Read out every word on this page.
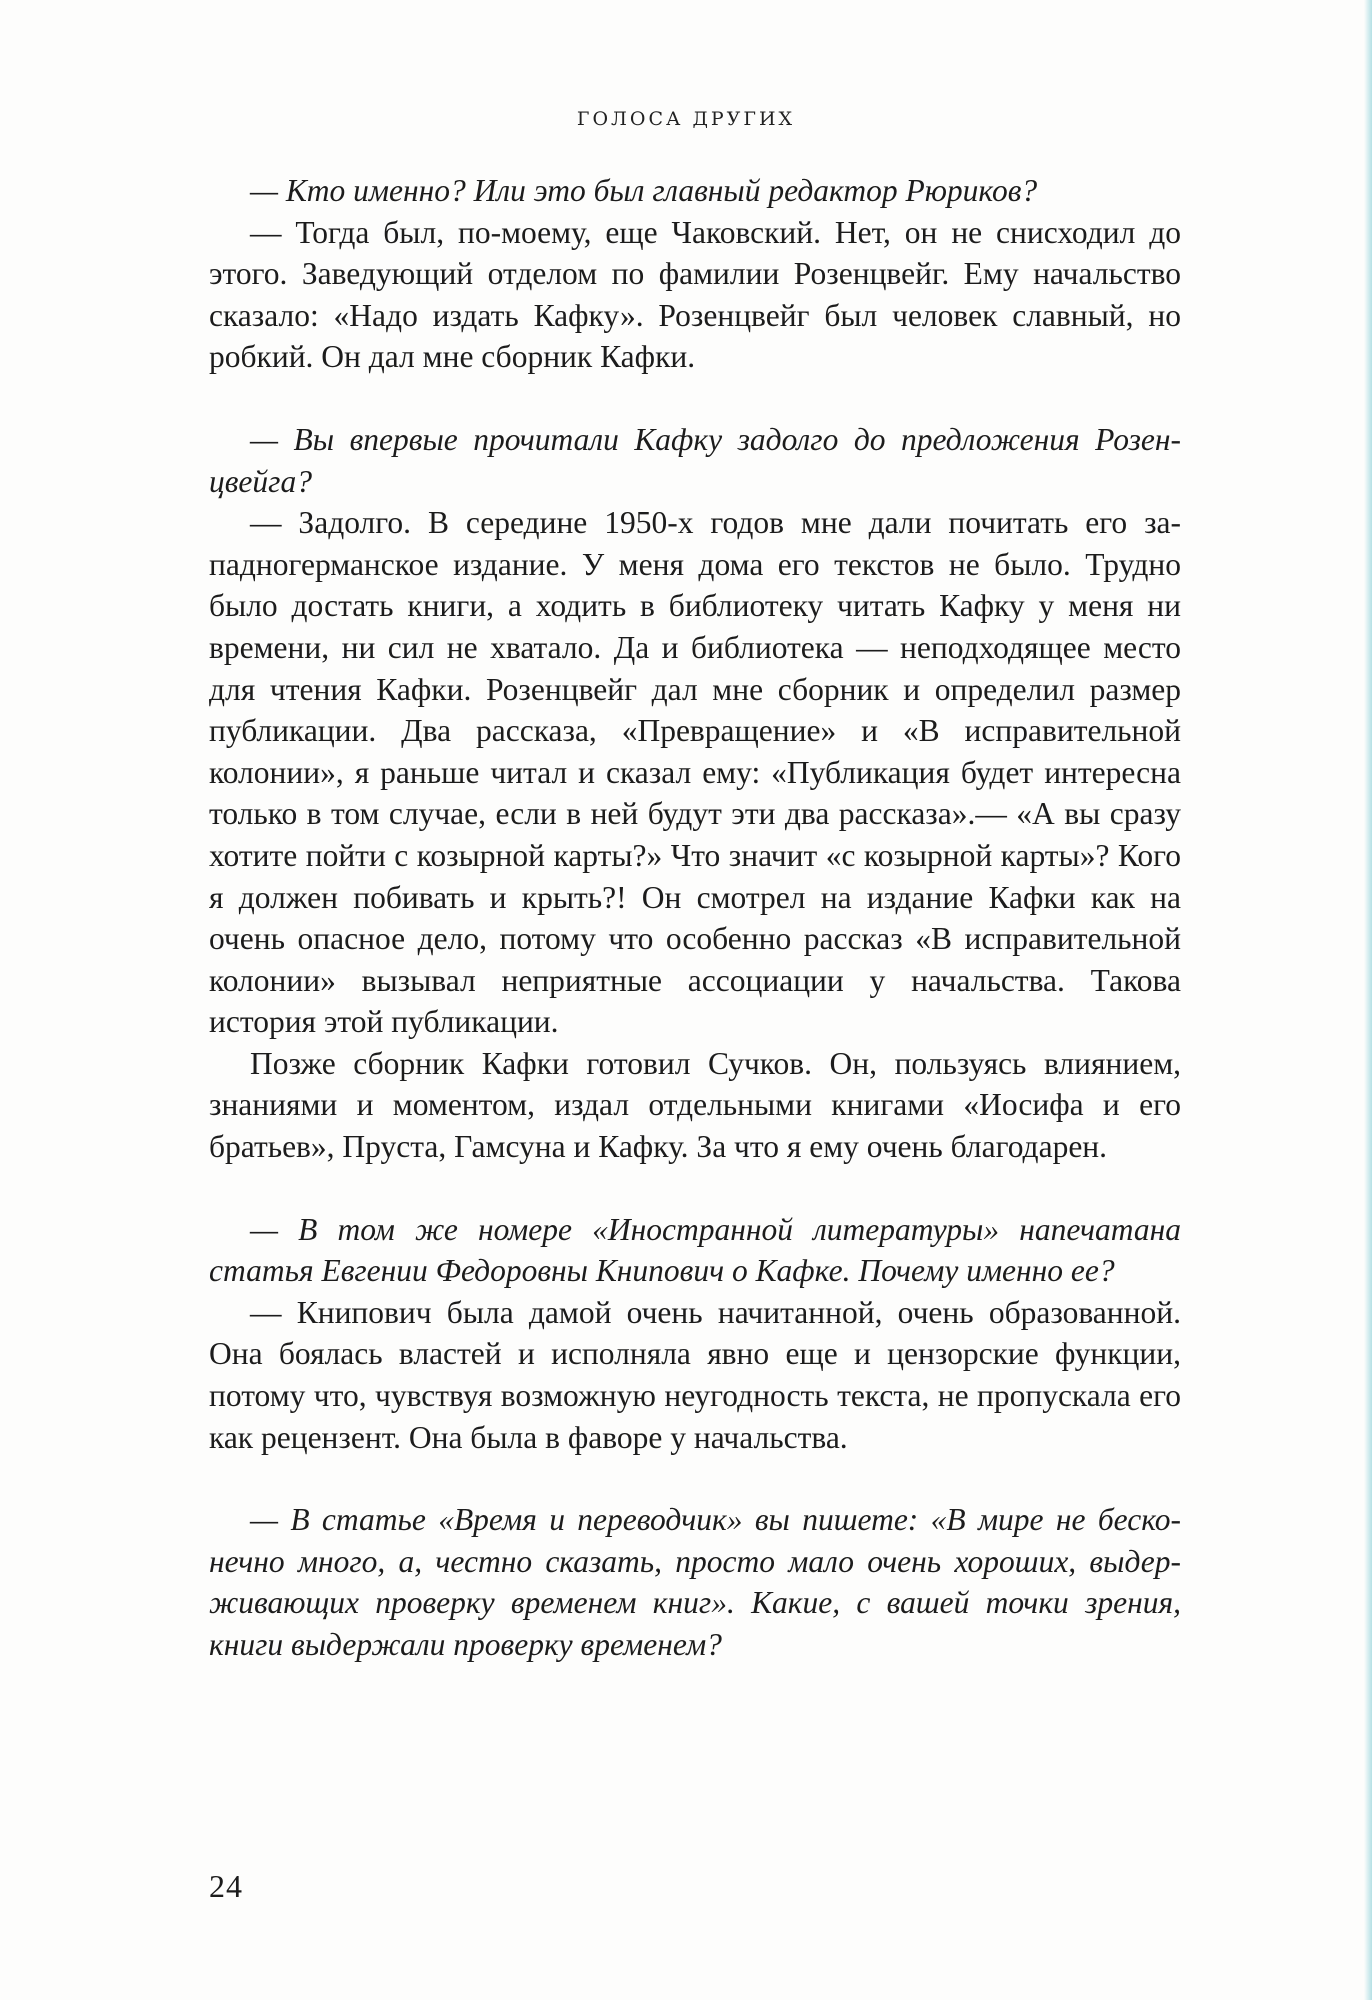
ГОЛОСА ДРУГИХ

— Кто именно? Или это был главный редактор Рюриков?

— Тогда был, по-моему, еще Чаковский. Нет, он не снисходил до этого. Заведующий отделом по фамилии Розенцвейг. Ему начальство сказало: «Надо издать Кафку». Розенцвейг был человек славный, но робкий. Он дал мне сборник Кафки.

— Вы впервые прочитали Кафку задолго до предложения Розенцвейга?

— Задолго. В середине 1950-х годов мне дали почитать его западногерманское издание. У меня дома его текстов не было. Трудно было достать книги, а ходить в библиотеку читать Кафку у меня ни времени, ни сил не хватало. Да и библиотека — неподходящее место для чтения Кафки. Розенцвейг дал мне сборник и определил размер публикации. Два рассказа, «Превращение» и «В исправительной колонии», я раньше читал и сказал ему: «Публикация будет интересна только в том случае, если в ней будут эти два рассказа».— «А вы сразу хотите пойти с козырной карты?» Что значит «с козырной карты»? Кого я должен побивать и крыть?! Он смотрел на издание Кафки как на очень опасное дело, потому что особенно рассказ «В исправительной колонии» вызывал неприятные ассоциации у начальства. Такова история этой публикации.

Позже сборник Кафки готовил Сучков. Он, пользуясь влиянием, знаниями и моментом, издал отдельными книгами «Иосифа и его братьев», Пруста, Гамсуна и Кафку. За что я ему очень благодарен.

— В том же номере «Иностранной литературы» напечатана статья Евгении Федоровны Книпович о Кафке. Почему именно ее?

— Книпович была дамой очень начитанной, очень образованной. Она боялась властей и исполняла явно еще и цензорские функции, потому что, чувствуя возможную неугодность текста, не пропускала его как рецензент. Она была в фаворе у начальства.

— В статье «Время и переводчик» вы пишете: «В мире не бесконечно много, а, честно сказать, просто мало очень хороших, выдерживающих проверку временем книг». Какие, с вашей точки зрения, книги выдержали проверку временем?

24
